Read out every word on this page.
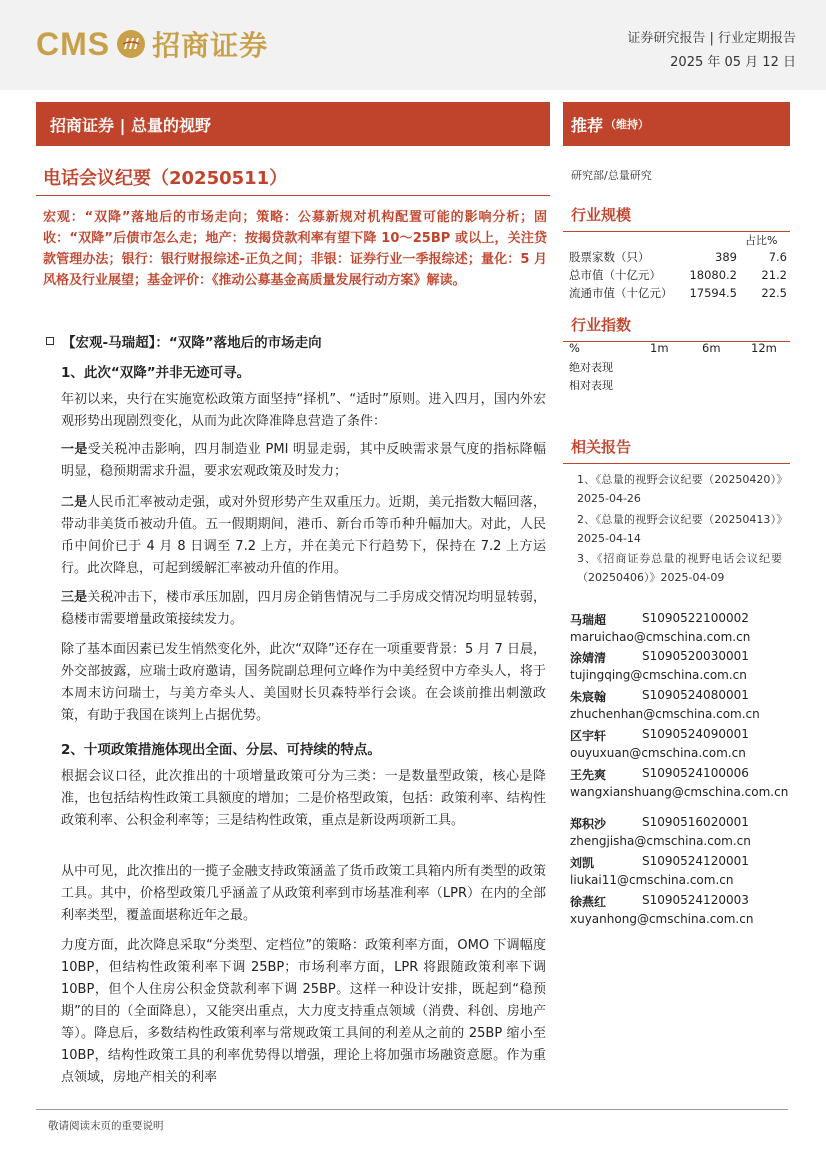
CMS 招商证券	证券研究报告 | 行业定期报告
2025 年 05 月 12 日
招商证券 | 总量的视野	推荐 （维持）
电话会议纪要（20250511）
宏观：“双降”落地后的市场走向；策略：公募新规对机构配置可能的影响分析；固收：“双降”后债市怎么走；地产：按揭贷款利率有望下降 10～25BP 或以上，关注贷款管理办法；银行：银行财报综述-正负之间；非银：证券行业一季报综述；量化：5 月风格及行业展望；基金评价：《推动公募基金高质量发展行动方案》解读。
【宏观-马瑞超】：“双降”落地后的市场走向
1、此次“双降”并非无迹可寻。
年初以来，央行在实施宽松政策方面坚持“择机”、“适时”原则。进入四月，国内外宏观形势出现剧烈变化，从而为此次降准降息营造了条件：
一是受关税冲击影响，四月制造业 PMI 明显走弱，其中反映需求景气度的指标降幅明显，稳预期需求升温，要求宏观政策及时发力；
二是人民币汇率被动走强，或对外贸形势产生双重压力。近期，美元指数大幅回落，带动非美货币被动升值。五一假期期间，港币、新台币等币种升幅加大。对此，人民币中间价已于 4 月 8 日调至 7.2 上方，并在美元下行趋势下，保持在 7.2 上方运行。此次降息，可起到缓解汇率被动升值的作用。
三是关税冲击下，楼市承压加剧，四月房企销售情况与二手房成交情况均明显转弱，稳楼市需要增量政策接续发力。
除了基本面因素已发生悄然变化外，此次“双降”还存在一项重要背景：5 月 7 日晨，外交部披露，应瑞士政府邀请，国务院副总理何立峰作为中美经贸中方牵头人，将于本周末访问瑞士，与美方牵头人、美国财长贝森特举行会谈。在会谈前推出刺激政策，有助于我国在谈判上占据优势。
2、十项政策措施体现出全面、分层、可持续的特点。
根据会议口径，此次推出的十项增量政策可分为三类：一是数量型政策，核心是降准，也包括结构性政策工具额度的增加；二是价格型政策，包括：政策利率、结构性政策利率、公积金利率等；三是结构性政策，重点是新设两项新工具。
从中可见，此次推出的一揽子金融支持政策涵盖了货币政策工具箱内所有类型的政策工具。其中，价格型政策几乎涵盖了从政策利率到市场基准利率（LPR）在内的全部利率类型，覆盖面堪称近年之最。
力度方面，此次降息采取“分类型、定档位”的策略：政策利率方面，OMO 下调幅度 10BP，但结构性政策利率下调 25BP；市场利率方面，LPR 将跟随政策利率下调 10BP，但个人住房公积金贷款利率下调 25BP。这样一种设计安排，既起到“稳预期”的目的（全面降息），又能突出重点，大力度支持重点领域（消费、科创、房地产等）。降息后，多数结构性政策利率与常规政策工具间的利差从之前的 25BP 缩小至 10BP，结构性政策工具的利率优势得以增强，理论上将加强市场融资意愿。作为重点领域，房地产相关的利率
研究部/总量研究
行业规模
占比%
股票家数（只）	389	7.6
总市值（十亿元）	18080.2	21.2
流通市值（十亿元）	17594.5	22.5
行业指数
%	1m	6m	12m
绝对表现
相对表现
相关报告
1、《总量的视野会议纪要（20250420）》2025-04-26
2、《总量的视野会议纪要（20250413）》2025-04-14
3、《招商证券总量的视野电话会议纪要（20250406）》2025-04-09
马瑞超	S1090522100002
maruichao@cmschina.com.cn
涂婧清	S1090520030001
tujingqing@cmschina.com.cn
朱宸翰	S1090524080001
zhuchenhan@cmschina.com.cn
区宇轩	S1090524090001
ouyuxuan@cmschina.com.cn
王先爽	S1090524100006
wangxianshuang@cmschina.com.cn
郑积沙	S1090516020001
zhengjisha@cmschina.com.cn
刘凯	S1090524120001
liukai11@cmschina.com.cn
徐燕红	S1090524120003
xuyanhong@cmschina.com.cn
敬请阅读末页的重要说明
